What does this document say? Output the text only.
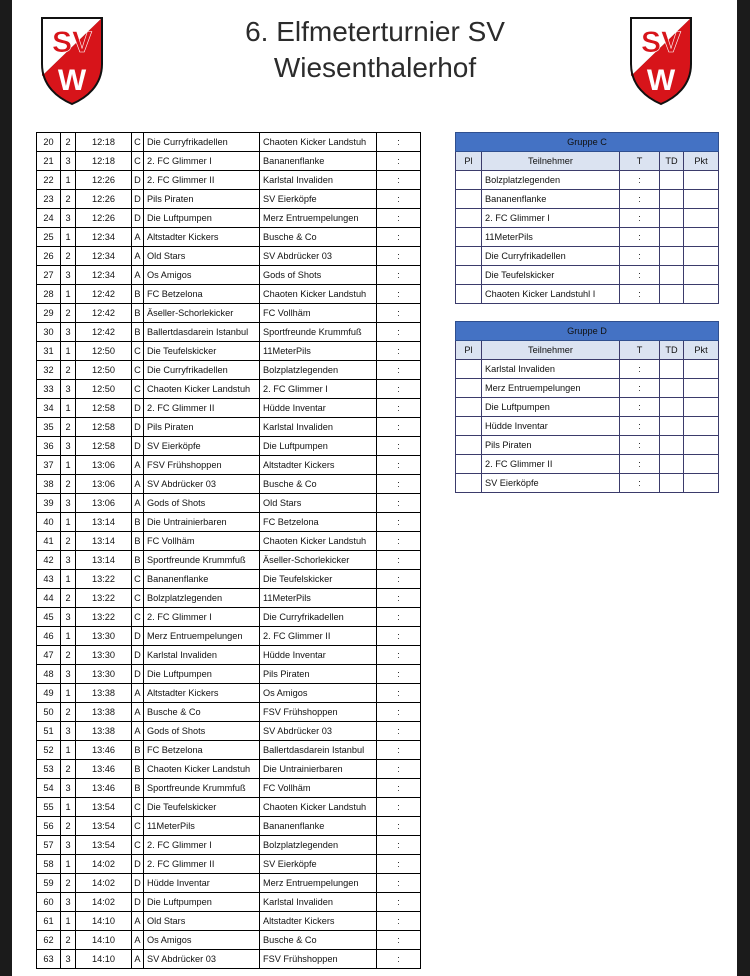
SV
W
6. Elfmeterturnier SV
Wiesenthalerhof
SV
W
20	2	12:18	C	Die Curryfrikadellen	Chaoten Kicker Landstuh	:
21	3	12:18	C	2. FC Glimmer I	Bananenflanke	:
22	1	12:26	D	2. FC Glimmer II	Karlstal Invaliden	:
23	2	12:26	D	Pils Piraten	SV Eierköpfe	:
24	3	12:26	D	Die Luftpumpen	Merz Entruempelungen	:
25	1	12:34	A	Altstadter Kickers	Busche & Co	:
26	2	12:34	A	Old Stars	SV Abdrücker 03	:
27	3	12:34	A	Os Amigos	Gods of Shots	:
28	1	12:42	B	FC Betzelona	Chaoten Kicker Landstuh	:
29	2	12:42	B	Äseller-Schorlekicker	FC Vollhäm	:
30	3	12:42	B	Ballertdasdarein Istanbul	Sportfreunde Krummfuß	:
31	1	12:50	C	Die Teufelskicker	11MeterPils	:
32	2	12:50	C	Die Curryfrikadellen	Bolzplatzlegenden	:
33	3	12:50	C	Chaoten Kicker Landstuh	2. FC Glimmer I	:
34	1	12:58	D	2. FC Glimmer II	Hüdde Inventar	:
35	2	12:58	D	Pils Piraten	Karlstal Invaliden	:
36	3	12:58	D	SV Eierköpfe	Die Luftpumpen	:
37	1	13:06	A	FSV Frühshoppen	Altstadter Kickers	:
38	2	13:06	A	SV Abdrücker 03	Busche & Co	:
39	3	13:06	A	Gods of Shots	Old Stars	:
40	1	13:14	B	Die Untrainierbaren	FC Betzelona	:
41	2	13:14	B	FC Vollhäm	Chaoten Kicker Landstuh	:
42	3	13:14	B	Sportfreunde Krummfuß	Äseller-Schorlekicker	:
43	1	13:22	C	Bananenflanke	Die Teufelskicker	:
44	2	13:22	C	Bolzplatzlegenden	11MeterPils	:
45	3	13:22	C	2. FC Glimmer I	Die Curryfrikadellen	:
46	1	13:30	D	Merz Entruempelungen	2. FC Glimmer II	:
47	2	13:30	D	Karlstal Invaliden	Hüdde Inventar	:
48	3	13:30	D	Die Luftpumpen	Pils Piraten	:
49	1	13:38	A	Altstadter Kickers	Os Amigos	:
50	2	13:38	A	Busche & Co	FSV Frühshoppen	:
51	3	13:38	A	Gods of Shots	SV Abdrücker 03	:
52	1	13:46	B	FC Betzelona	Ballertdasdarein Istanbul	:
53	2	13:46	B	Chaoten Kicker Landstuh	Die Untrainierbaren	:
54	3	13:46	B	Sportfreunde Krummfuß	FC Vollhäm	:
55	1	13:54	C	Die Teufelskicker	Chaoten Kicker Landstuh	:
56	2	13:54	C	11MeterPils	Bananenflanke	:
57	3	13:54	C	2. FC Glimmer I	Bolzplatzlegenden	:
58	1	14:02	D	2. FC Glimmer II	SV Eierköpfe	:
59	2	14:02	D	Hüdde Inventar	Merz Entruempelungen	:
60	3	14:02	D	Die Luftpumpen	Karlstal Invaliden	:
61	1	14:10	A	Old Stars	Altstadter Kickers	:
62	2	14:10	A	Os Amigos	Busche & Co	:
63	3	14:10	A	SV Abdrücker 03	FSV Frühshoppen	:
Gruppe C				
Pl	Teilnehmer	T	TD	Pkt
	Bolzplatzlegenden	:		
	Bananenflanke	:		
	2. FC Glimmer I	:		
	11MeterPils	:		
	Die Curryfrikadellen	:		
	Die Teufelskicker	:		
	Chaoten Kicker Landstuhl I	:		
Gruppe D				
Pl	Teilnehmer	T	TD	Pkt
	Karlstal Invaliden	:		
	Merz Entruempelungen	:		
	Die Luftpumpen	:		
	Hüdde Inventar	:		
	Pils Piraten	:		
	2. FC Glimmer II	:		
	SV Eierköpfe	:		
